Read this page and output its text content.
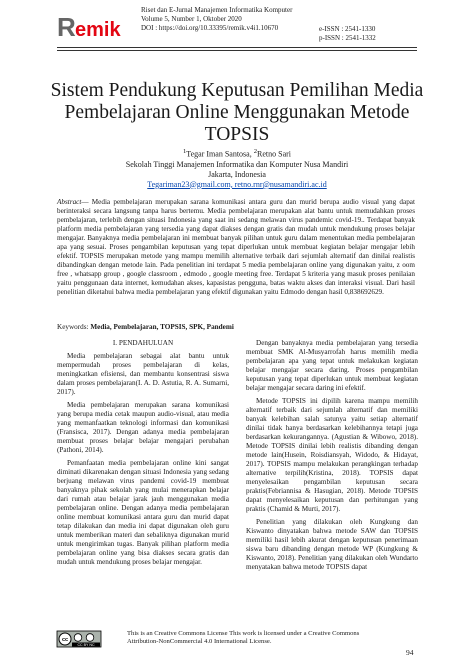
R emik
Riset dan E-Jurnal Manajemen Informatika Komputer
Volume 5, Number 1, Oktober 2020
DOI : https://doi.org/10.33395/remik.v4i1.10670	e-ISSN : 2541-1330
p-ISSN : 2541-1332
Sistem Pendukung Keputusan Pemilihan Media
Pembelajaran Online Menggunakan Metode
TOPSIS
$^1$Tegar Iman Santosa, $^2$Retno Sari
Sekolah Tinggi Manajemen Informatika dan Komputer Nusa Mandiri
Jakarta, Indonesia
Tegariman23@gmail.com, retno.rnr@nusamandiri.ac.id
Abstract— Media pembelajaran merupakan sarana komunikasi antara guru dan murid berupa audio visual yang dapat berinteraksi secara langsung tanpa harus bertemu. Media pembelajaran merupakan alat bantu untuk memudahkan proses pembelajaran, terlebih dengan situasi Indonesia yang saat ini sedang melawan virus pandemic covid-19.. Terdapat banyak platform media pembelajaran yang tersedia yang dapat diakses dengan gratis dan mudah untuk mendukung proses belajar mengajar. Banyaknya media pembelajaran ini membuat banyak pilihan untuk guru dalam menentukan media pembelajaran apa yang sesuai. Proses pengambilan keputusan yang tepat diperlukan untuk membuat kegiatan belajar mengajar lebih efektif. TOPSIS merupakan metode yang mampu memilih alternative terbaik dari sejumlah alternatif dan dinilai realistis dibandingkan dengan metode lain. Pada penelitian ini terdapat 5 media pembelajaran online yang digunakan yaitu, z oom free , whatsapp group , google classroom , edmodo , google meeting free. Terdapat 5 kriteria yang masuk proses penilaian yaitu penggunaan data internet, kemudahan akses, kapasistas pengguna, batas waktu akses dan interaksi visual. Dari hasil penelitian diketahui bahwa media pembelajaran yang efektif digunakan yaitu Edmodo dengan hasil 0,838692629.
Keywords: Media, Pembelajaran, TOPSIS, SPK, Pandemi

I. PENDAHULUAN

Media pembelajaran sebagai alat bantu untuk mempermudah proses pembelajaran di kelas, meningkatkan efisiensi, dan membantu konsentrasi siswa dalam proses pembelajaran(I. A. D. Astutia, R. A. Sumarni, 2017).

Media pembelajaran merupakan sarana komunikasi yang berupa media cetak maupun audio-visual, atau media yang memanfaatkan teknologi informasi dan komunikasi (Fransisca, 2017). Dengan adanya media pembelajaran membuat proses belajar belajar mengajari perubahan (Pathoni, 2014).

Pemanfaatan media pembelajaran online kini sangat diminati dikarenakan dengan situasi Indonesia yang sedang berjuang melawan virus pandemi covid-19 membuat banyaknya pihak sekolah yang mulai menerapkan belajar dari rumah atau belajar jarak jauh menggunakan media pembelajaran online. Dengan adanya media pembelajaran online membuat komunikasi antara guru dan murid dapat tetap dilakukan dan media ini dapat digunakan oleh guru untuk memberikan materi dan sebaliknya digunakan murid untuk mengirimkan tugas. Banyak pilihan platform media pembelajaran online yang bisa diakses secara gratis dan mudah untuk mendukung proses belajar mengajar.

Dengan banyaknya media pembelajaran yang tersedia membuat SMK Al-Musyarrofah harus memilih media pembelajaran apa yang tepat untuk melakukan kegiatan belajar mengajar secara daring. Proses pengambilan keputusan yang tepat diperlukan untuk membuat kegiatan belajar mengajar secara daring ini efektif.

Metode TOPSIS ini dipilih karena mampu memilih alternatif terbaik dari sejumlah alternatif dan memiliki banyak kelebihan salah satunya yaitu setiap alternatif dinilai tidak hanya berdasarkan kelebihannya tetapi juga berdasarkan kekurangannya. (Agustian & Wibowo, 2018). Metode TOPSIS dinilai lebih realistis dibanding dengan metode lain(Husein, Roisdiansyah, Widodo, & Hidayat, 2017). TOPSIS mampu melakukan perangkingan terhadap alternative terpilih(Kristina, 2018). TOPSIS dapat menyelesaikan pengambilan keputusan secara praktis(Febriannisa & Hasugian, 2018). Metode TOPSIS dapat menyelesaikan keputusan dan perhitungan yang praktis (Chamid & Murti, 2017).

Penelitian yang dilakukan oleh Kungkung dan Kiswanto dinyatakan bahwa metode SAW dan TOPSIS memiliki hasil lebih akurat dengan keputusan penerimaan siswa baru dibanding dengan metode WP (Kungkung & Kiswanto, 2018). Penelitian yang dilakukan oleh Wundarto menyatakan bahwa metode TOPSIS dapat

cc
CC BY NC
This is an Creative Commons License This work is licensed under a Creative Commons
Attribution-NonCommercial 4.0 International License.
94
